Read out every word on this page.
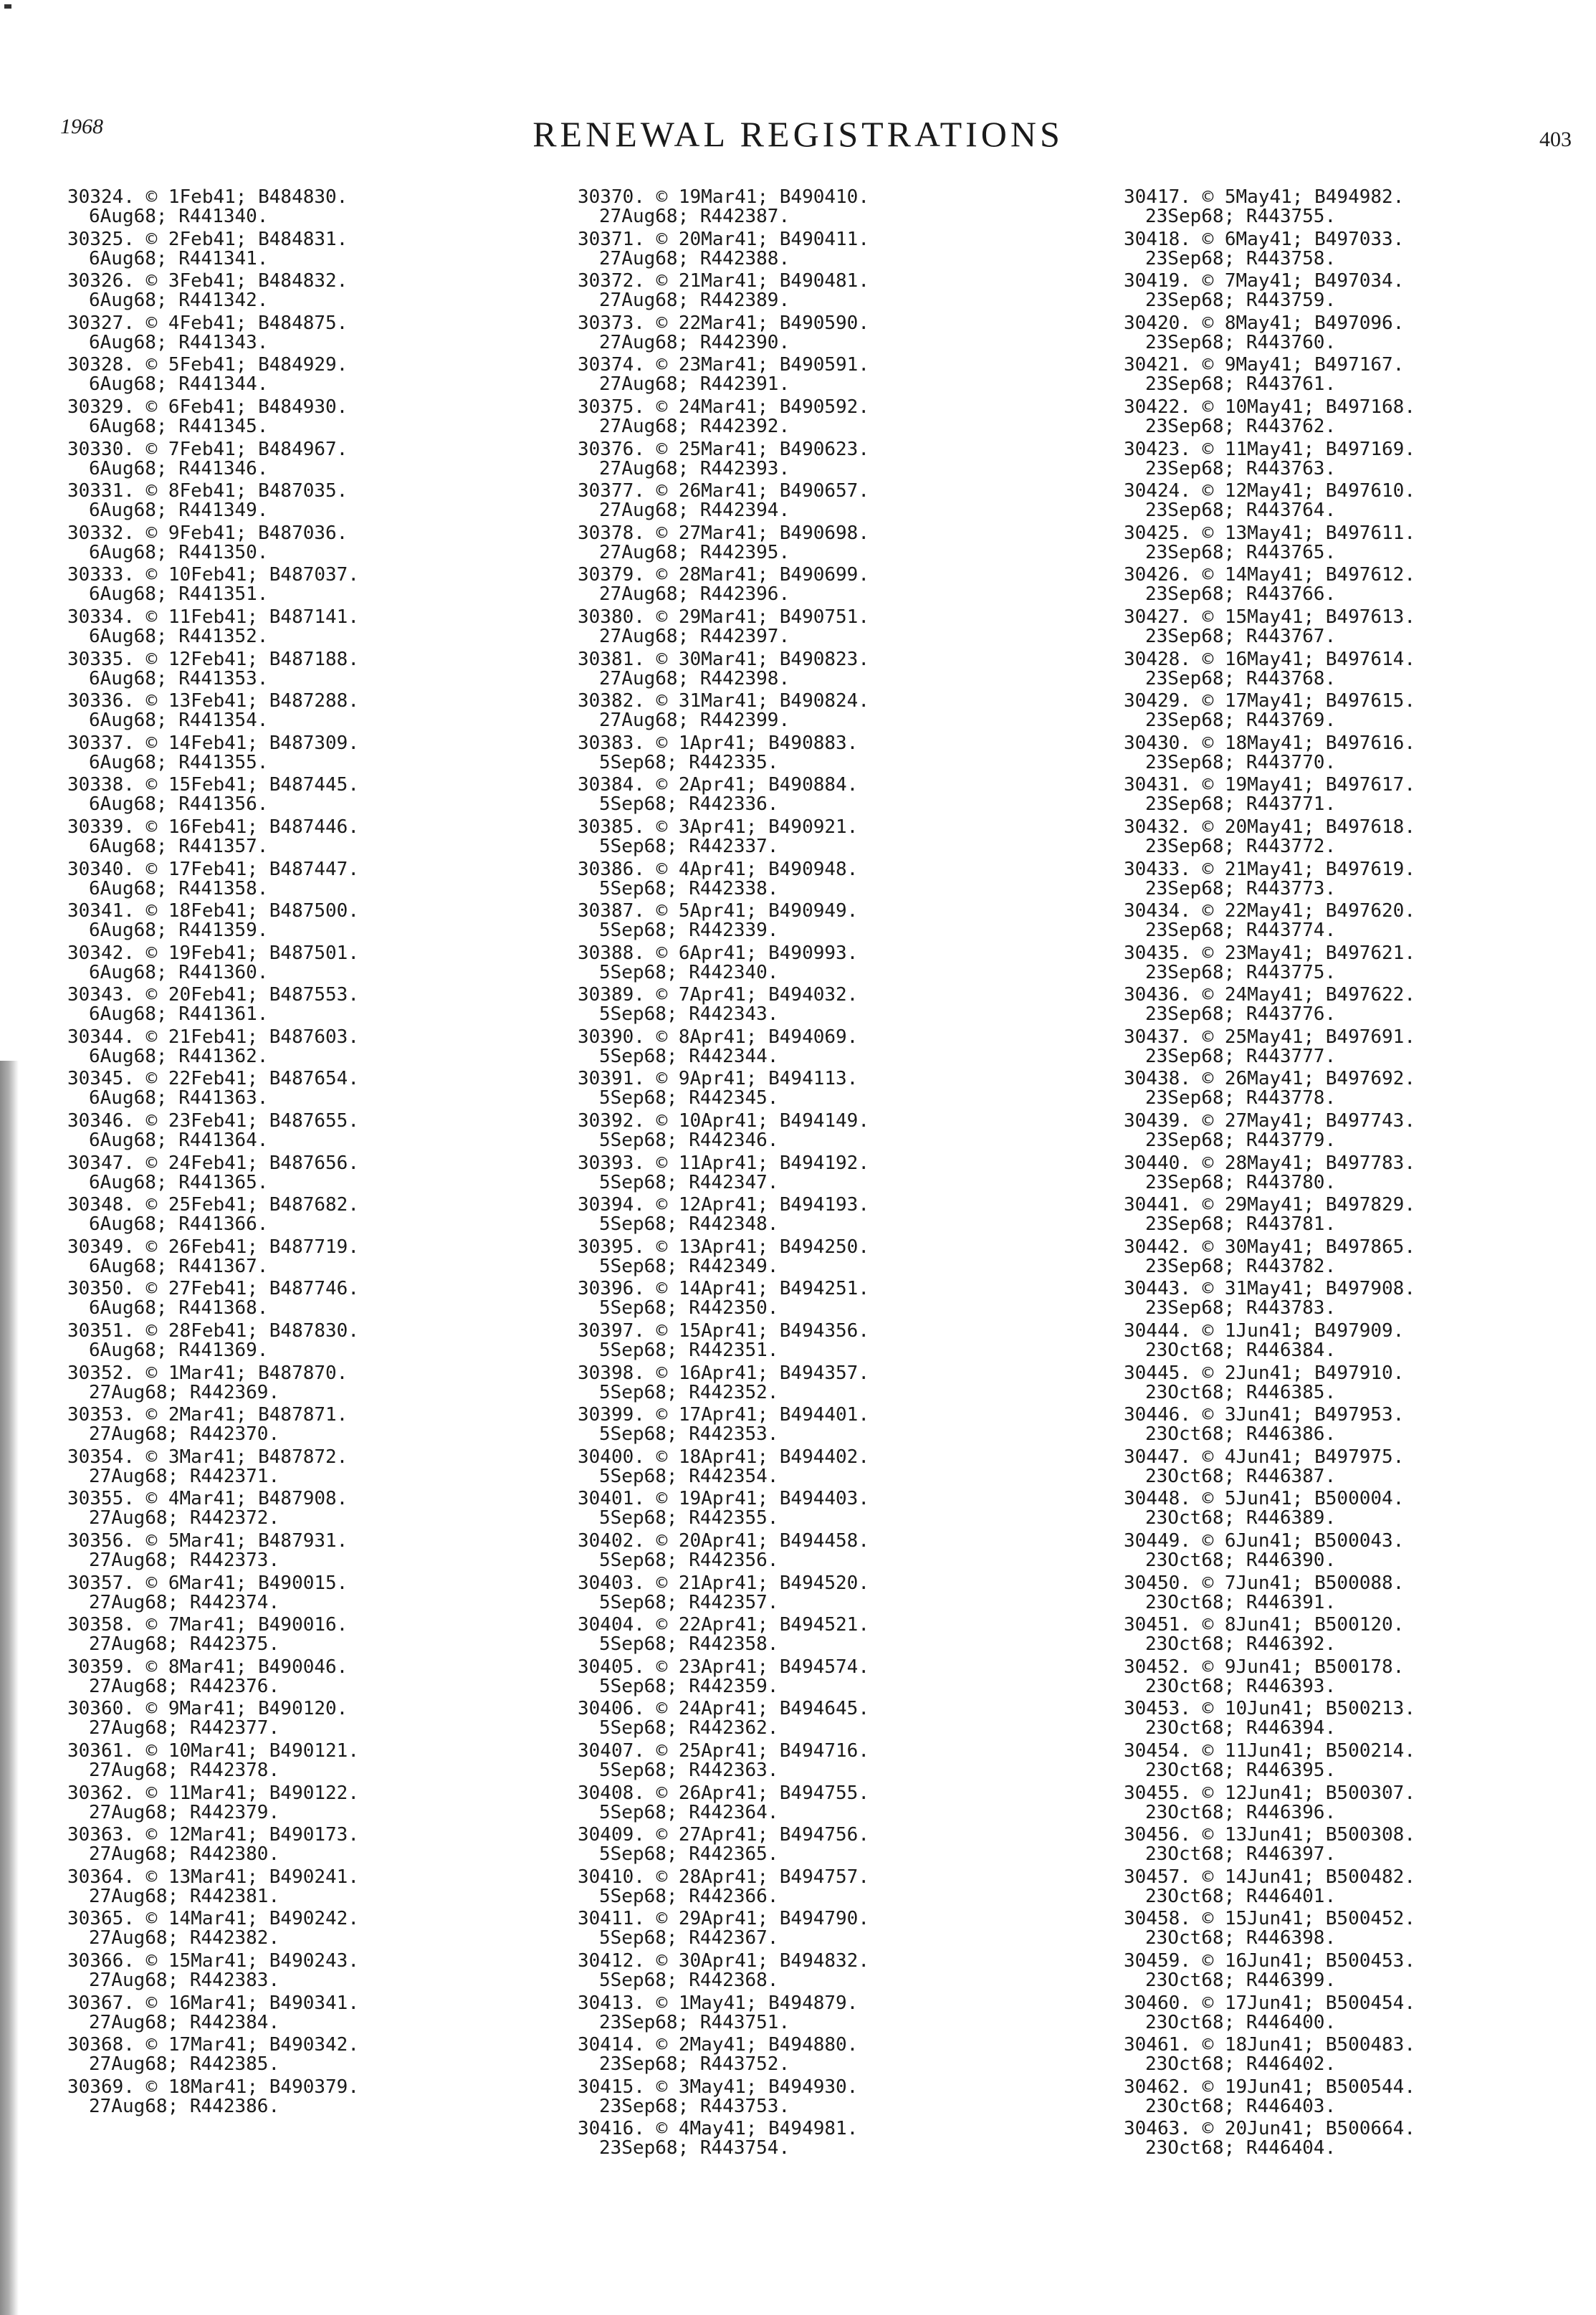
1968	RENEWAL REGISTRATIONS	403
30324. © 1Feb41; B484830.
6Aug68; R441340.
30325. © 2Feb41; B484831.
6Aug68; R441341.
30326. © 3Feb41; B484832.
6Aug68; R441342.
30327. © 4Feb41; B484875.
6Aug68; R441343.
30328. © 5Feb41; B484929.
6Aug68; R441344.
30329. © 6Feb41; B484930.
6Aug68; R441345.
30330. © 7Feb41; B484967.
6Aug68; R441346.
30331. © 8Feb41; B487035.
6Aug68; R441349.
30332. © 9Feb41; B487036.
6Aug68; R441350.
30333. © 10Feb41; B487037.
6Aug68; R441351.
30334. © 11Feb41; B487141.
6Aug68; R441352.
30335. © 12Feb41; B487188.
6Aug68; R441353.
30336. © 13Feb41; B487288.
6Aug68; R441354.
30337. © 14Feb41; B487309.
6Aug68; R441355.
30338. © 15Feb41; B487445.
6Aug68; R441356.
30339. © 16Feb41; B487446.
6Aug68; R441357.
30340. © 17Feb41; B487447.
6Aug68; R441358.
30341. © 18Feb41; B487500.
6Aug68; R441359.
30342. © 19Feb41; B487501.
6Aug68; R441360.
30343. © 20Feb41; B487553.
6Aug68; R441361.
30344. © 21Feb41; B487603.
6Aug68; R441362.
30345. © 22Feb41; B487654.
6Aug68; R441363.
30346. © 23Feb41; B487655.
6Aug68; R441364.
30347. © 24Feb41; B487656.
6Aug68; R441365.
30348. © 25Feb41; B487682.
6Aug68; R441366.
30349. © 26Feb41; B487719.
6Aug68; R441367.
30350. © 27Feb41; B487746.
6Aug68; R441368.
30351. © 28Feb41; B487830.
6Aug68; R441369.
30352. © 1Mar41; B487870.
27Aug68; R442369.
30353. © 2Mar41; B487871.
27Aug68; R442370.
30354. © 3Mar41; B487872.
27Aug68; R442371.
30355. © 4Mar41; B487908.
27Aug68; R442372.
30356. © 5Mar41; B487931.
27Aug68; R442373.
30357. © 6Mar41; B490015.
27Aug68; R442374.
30358. © 7Mar41; B490016.
27Aug68; R442375.
30359. © 8Mar41; B490046.
27Aug68; R442376.
30360. © 9Mar41; B490120.
27Aug68; R442377.
30361. © 10Mar41; B490121.
27Aug68; R442378.
30362. © 11Mar41; B490122.
27Aug68; R442379.
30363. © 12Mar41; B490173.
27Aug68; R442380.
30364. © 13Mar41; B490241.
27Aug68; R442381.
30365. © 14Mar41; B490242.
27Aug68; R442382.
30366. © 15Mar41; B490243.
27Aug68; R442383.
30367. © 16Mar41; B490341.
27Aug68; R442384.
30368. © 17Mar41; B490342.
27Aug68; R442385.
30369. © 18Mar41; B490379.
27Aug68; R442386.
30370. © 19Mar41; B490410.
27Aug68; R442387.
30371. © 20Mar41; B490411.
27Aug68; R442388.
30372. © 21Mar41; B490481.
27Aug68; R442389.
30373. © 22Mar41; B490590.
27Aug68; R442390.
30374. © 23Mar41; B490591.
27Aug68; R442391.
30375. © 24Mar41; B490592.
27Aug68; R442392.
30376. © 25Mar41; B490623.
27Aug68; R442393.
30377. © 26Mar41; B490657.
27Aug68; R442394.
30378. © 27Mar41; B490698.
27Aug68; R442395.
30379. © 28Mar41; B490699.
27Aug68; R442396.
30380. © 29Mar41; B490751.
27Aug68; R442397.
30381. © 30Mar41; B490823.
27Aug68; R442398.
30382. © 31Mar41; B490824.
27Aug68; R442399.
30383. © 1Apr41; B490883.
5Sep68; R442335.
30384. © 2Apr41; B490884.
5Sep68; R442336.
30385. © 3Apr41; B490921.
5Sep68; R442337.
30386. © 4Apr41; B490948.
5Sep68; R442338.
30387. © 5Apr41; B490949.
5Sep68; R442339.
30388. © 6Apr41; B490993.
5Sep68; R442340.
30389. © 7Apr41; B494032.
5Sep68; R442343.
30390. © 8Apr41; B494069.
5Sep68; R442344.
30391. © 9Apr41; B494113.
5Sep68; R442345.
30392. © 10Apr41; B494149.
5Sep68; R442346.
30393. © 11Apr41; B494192.
5Sep68; R442347.
30394. © 12Apr41; B494193.
5Sep68; R442348.
30395. © 13Apr41; B494250.
5Sep68; R442349.
30396. © 14Apr41; B494251.
5Sep68; R442350.
30397. © 15Apr41; B494356.
5Sep68; R442351.
30398. © 16Apr41; B494357.
5Sep68; R442352.
30399. © 17Apr41; B494401.
5Sep68; R442353.
30400. © 18Apr41; B494402.
5Sep68; R442354.
30401. © 19Apr41; B494403.
5Sep68; R442355.
30402. © 20Apr41; B494458.
5Sep68; R442356.
30403. © 21Apr41; B494520.
5Sep68; R442357.
30404. © 22Apr41; B494521.
5Sep68; R442358.
30405. © 23Apr41; B494574.
5Sep68; R442359.
30406. © 24Apr41; B494645.
5Sep68; R442362.
30407. © 25Apr41; B494716.
5Sep68; R442363.
30408. © 26Apr41; B494755.
5Sep68; R442364.
30409. © 27Apr41; B494756.
5Sep68; R442365.
30410. © 28Apr41; B494757.
5Sep68; R442366.
30411. © 29Apr41; B494790.
5Sep68; R442367.
30412. © 30Apr41; B494832.
5Sep68; R442368.
30413. © 1May41; B494879.
23Sep68; R443751.
30414. © 2May41; B494880.
23Sep68; R443752.
30415. © 3May41; B494930.
23Sep68; R443753.
30416. © 4May41; B494981.
23Sep68; R443754.
30417. © 5May41; B494982.
23Sep68; R443755.
30418. © 6May41; B497033.
23Sep68; R443758.
30419. © 7May41; B497034.
23Sep68; R443759.
30420. © 8May41; B497096.
23Sep68; R443760.
30421. © 9May41; B497167.
23Sep68; R443761.
30422. © 10May41; B497168.
23Sep68; R443762.
30423. © 11May41; B497169.
23Sep68; R443763.
30424. © 12May41; B497610.
23Sep68; R443764.
30425. © 13May41; B497611.
23Sep68; R443765.
30426. © 14May41; B497612.
23Sep68; R443766.
30427. © 15May41; B497613.
23Sep68; R443767.
30428. © 16May41; B497614.
23Sep68; R443768.
30429. © 17May41; B497615.
23Sep68; R443769.
30430. © 18May41; B497616.
23Sep68; R443770.
30431. © 19May41; B497617.
23Sep68; R443771.
30432. © 20May41; B497618.
23Sep68; R443772.
30433. © 21May41; B497619.
23Sep68; R443773.
30434. © 22May41; B497620.
23Sep68; R443774.
30435. © 23May41; B497621.
23Sep68; R443775.
30436. © 24May41; B497622.
23Sep68; R443776.
30437. © 25May41; B497691.
23Sep68; R443777.
30438. © 26May41; B497692.
23Sep68; R443778.
30439. © 27May41; B497743.
23Sep68; R443779.
30440. © 28May41; B497783.
23Sep68; R443780.
30441. © 29May41; B497829.
23Sep68; R443781.
30442. © 30May41; B497865.
23Sep68; R443782.
30443. © 31May41; B497908.
23Sep68; R443783.
30444. © 1Jun41; B497909.
23Oct68; R446384.
30445. © 2Jun41; B497910.
23Oct68; R446385.
30446. © 3Jun41; B497953.
23Oct68; R446386.
30447. © 4Jun41; B497975.
23Oct68; R446387.
30448. © 5Jun41; B500004.
23Oct68; R446389.
30449. © 6Jun41; B500043.
23Oct68; R446390.
30450. © 7Jun41; B500088.
23Oct68; R446391.
30451. © 8Jun41; B500120.
23Oct68; R446392.
30452. © 9Jun41; B500178.
23Oct68; R446393.
30453. © 10Jun41; B500213.
23Oct68; R446394.
30454. © 11Jun41; B500214.
23Oct68; R446395.
30455. © 12Jun41; B500307.
23Oct68; R446396.
30456. © 13Jun41; B500308.
23Oct68; R446397.
30457. © 14Jun41; B500482.
23Oct68; R446401.
30458. © 15Jun41; B500452.
23Oct68; R446398.
30459. © 16Jun41; B500453.
23Oct68; R446399.
30460. © 17Jun41; B500454.
23Oct68; R446400.
30461. © 18Jun41; B500483.
23Oct68; R446402.
30462. © 19Jun41; B500544.
23Oct68; R446403.
30463. © 20Jun41; B500664.
23Oct68; R446404.
